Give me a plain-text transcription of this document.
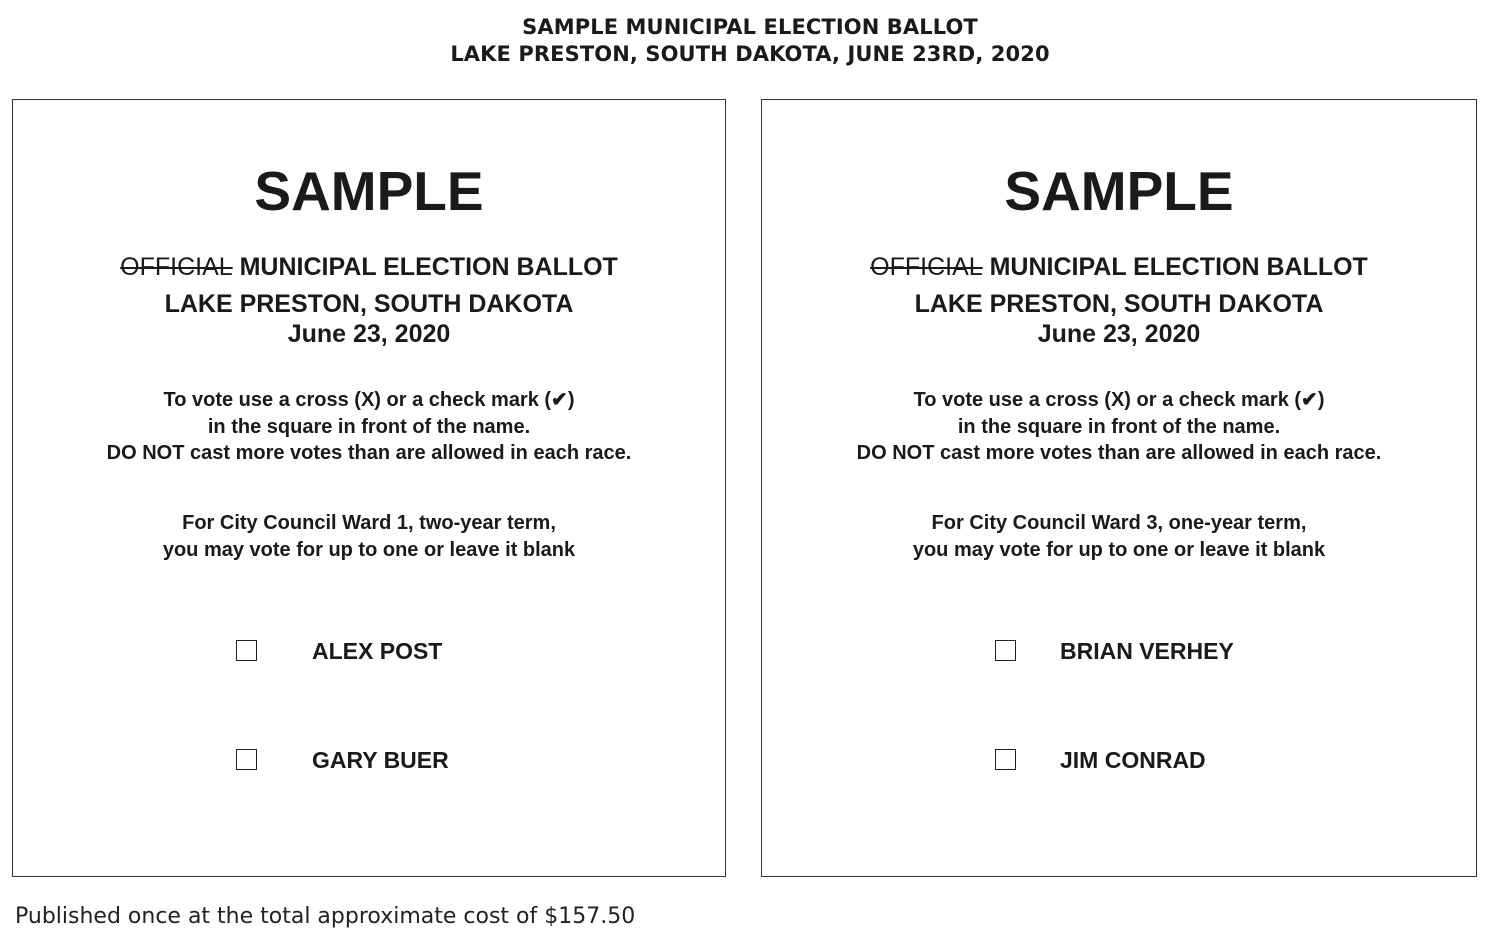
SAMPLE MUNICIPAL ELECTION BALLOT
LAKE PRESTON, SOUTH DAKOTA, JUNE 23RD, 2020
SAMPLE
OFFICIAL MUNICIPAL ELECTION BALLOT
LAKE PRESTON, SOUTH DAKOTA
June 23, 2020
To vote use a cross (X) or a check mark (✔)
in the square in front of the name.
DO NOT cast more votes than are allowed in each race.
For City Council Ward 1, two-year term,
you may vote for up to one or leave it blank
ALEX POST
GARY BUER
SAMPLE
OFFICIAL MUNICIPAL ELECTION BALLOT
LAKE PRESTON, SOUTH DAKOTA
June 23, 2020
To vote use a cross (X) or a check mark (✔)
in the square in front of the name.
DO NOT cast more votes than are allowed in each race.
For City Council Ward 3, one-year term,
you may vote for up to one or leave it blank
BRIAN VERHEY
JIM CONRAD
Published once at the total approximate cost of $157.50
